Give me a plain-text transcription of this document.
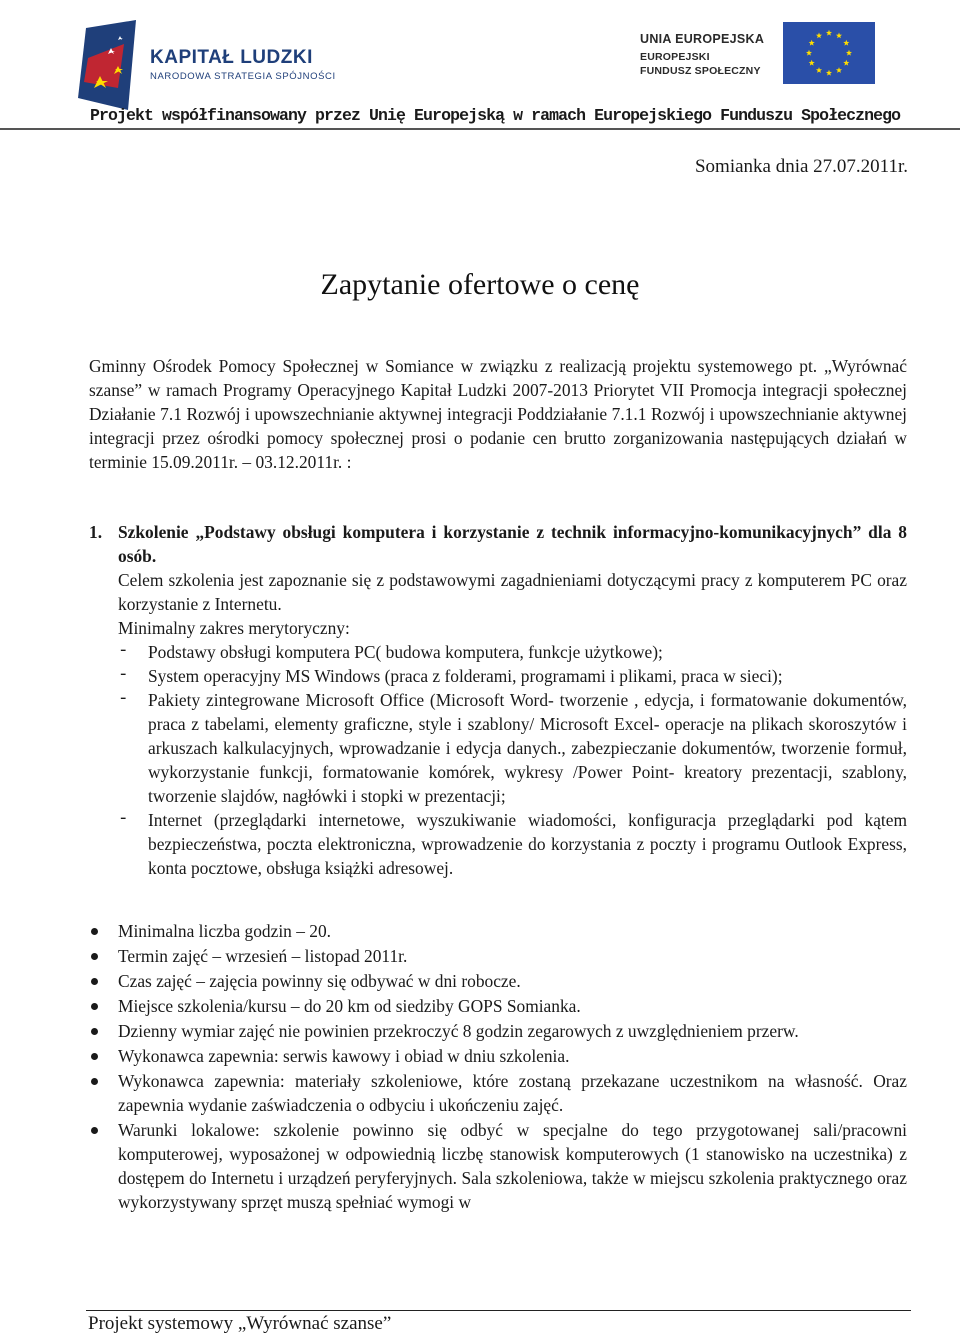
KAPITAŁ LUDZKI
NARODOWA STRATEGIA SPÓJNOŚCI
UNIA EUROPEJSKA
EUROPEJSKI
FUNDUSZ SPOŁECZNY
Projekt współfinansowany przez Unię Europejską w ramach Europejskiego Funduszu Społecznego
Somianka dnia 27.07.2011r.
Zapytanie ofertowe o cenę
Gminny Ośrodek Pomocy Społecznej w Somiance w związku z realizacją projektu systemowego pt. „Wyrównać szanse” w ramach Programy Operacyjnego Kapitał Ludzki 2007-2013 Priorytet VII Promocja integracji społecznej Działanie 7.1 Rozwój i upowszechnianie aktywnej integracji Poddziałanie 7.1.1 Rozwój i upowszechnianie aktywnej integracji przez ośrodki pomocy społecznej prosi o podanie cen brutto zorganizowania następujących działań w terminie 15.09.2011r. – 03.12.2011r. :
1. Szkolenie „Podstawy obsługi komputera i korzystanie z technik informacyjno-komunikacyjnych” dla 8 osób.
Celem szkolenia jest zapoznanie się z podstawowymi zagadnieniami dotyczącymi pracy z komputerem PC oraz korzystanie z Internetu.
Minimalny zakres merytoryczny:
- Podstawy obsługi komputera PC( budowa komputera, funkcje użytkowe);
- System operacyjny MS Windows (praca z folderami, programami i plikami, praca w sieci);
- Pakiety zintegrowane Microsoft Office (Microsoft Word- tworzenie , edycja, i formatowanie dokumentów, praca z tabelami, elementy graficzne, style i szablony/ Microsoft Excel- operacje na plikach skoroszytów i arkuszach kalkulacyjnych, wprowadzanie i edycja danych., zabezpieczanie dokumentów, tworzenie formuł, wykorzystanie funkcji, formatowanie komórek, wykresy /Power Point- kreatory prezentacji, szablony, tworzenie slajdów, nagłówki i stopki w prezentacji;
- Internet (przeglądarki internetowe, wyszukiwanie wiadomości, konfiguracja przeglądarki pod kątem bezpieczeństwa, poczta elektroniczna, wprowadzenie do korzystania z poczty i programu Outlook Express, konta pocztowe, obsługa książki adresowej.
Minimalna liczba godzin – 20.
Termin zajęć – wrzesień – listopad 2011r.
Czas zajęć – zajęcia powinny się odbywać w dni robocze.
Miejsce szkolenia/kursu – do 20 km od siedziby GOPS Somianka.
Dzienny wymiar zajęć nie powinien przekroczyć 8 godzin zegarowych z uwzględnieniem przerw.
Wykonawca zapewnia: serwis kawowy i obiad w dniu szkolenia.
Wykonawca zapewnia: materiały szkoleniowe, które zostaną przekazane uczestnikom na własność. Oraz zapewnia wydanie zaświadczenia o odbyciu i ukończeniu zajęć.
Warunki lokalowe: szkolenie powinno się odbyć w specjalne do tego przygotowanej sali/pracowni komputerowej, wyposażonej w odpowiednią liczbę stanowisk komputerowych (1 stanowisko na uczestnika) z dostępem do Internetu i urządzeń peryferyjnych. Sala szkoleniowa, także w miejscu szkolenia praktycznego oraz wykorzystywany sprzęt muszą spełniać wymogi w
Projekt systemowy „Wyrównać szanse”
